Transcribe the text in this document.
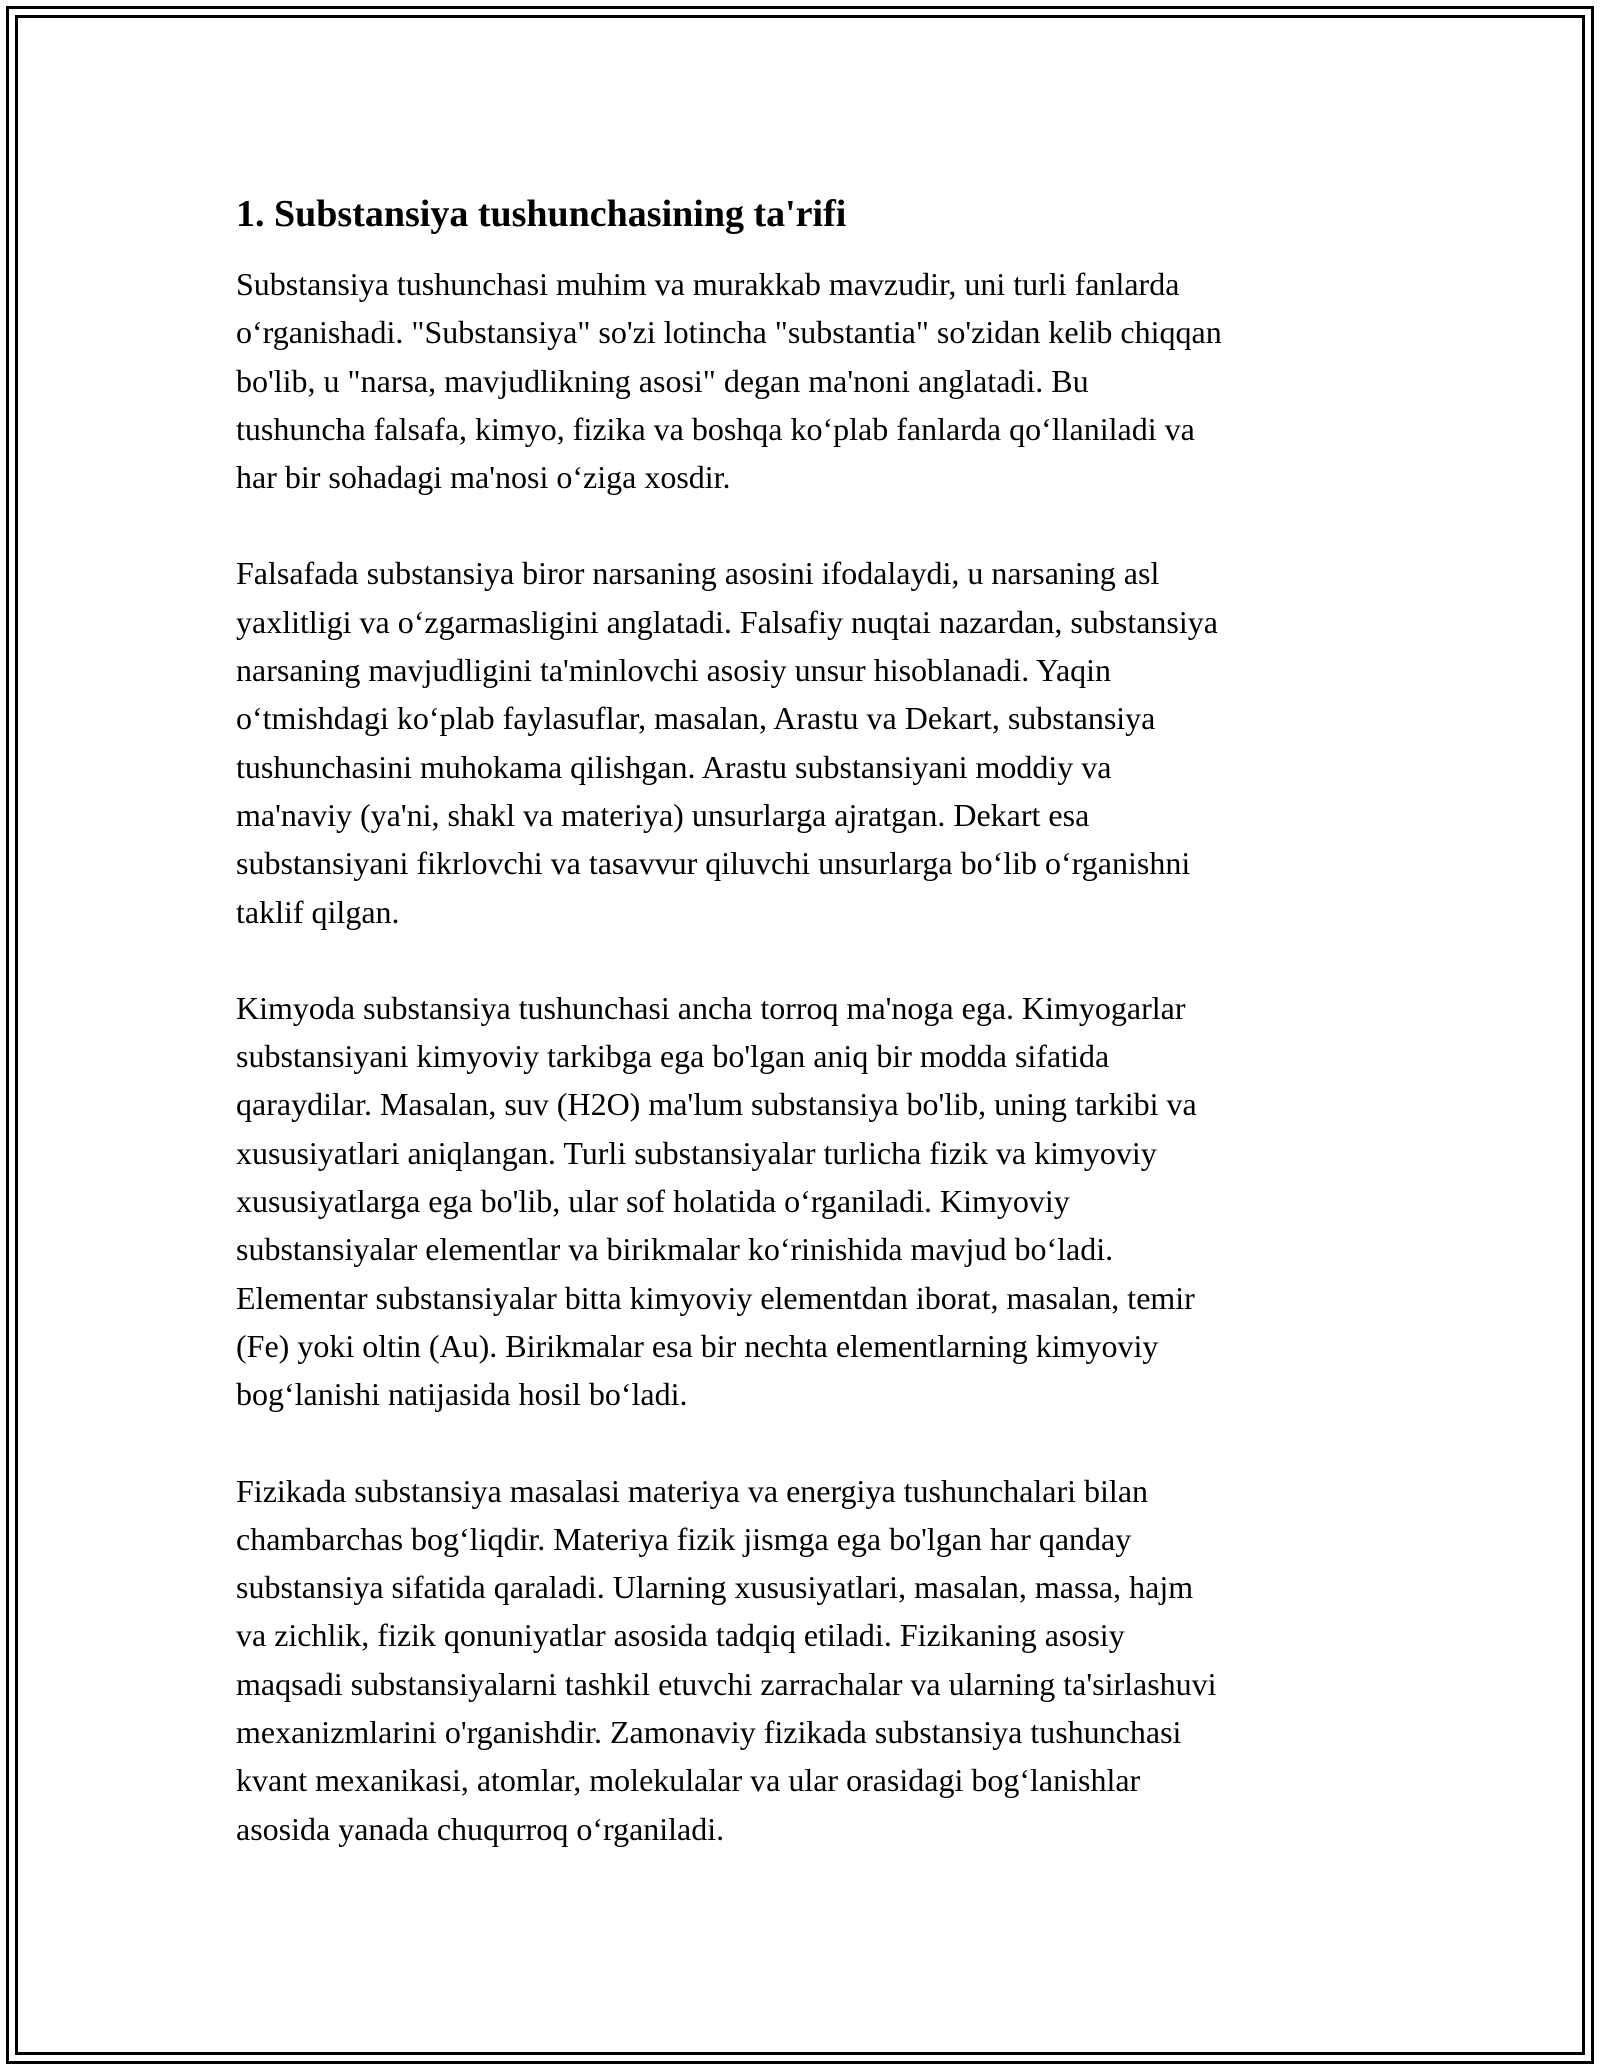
1. Substansiya tushunchasining ta'rifi

Substansiya tushunchasi muhim va murakkab mavzudir, uni turli fanlarda
o‘rganishadi. "Substansiya" so'zi lotincha "substantia" so'zidan kelib chiqqan
bo'lib, u "narsa, mavjudlikning asosi" degan ma'noni anglatadi. Bu
tushuncha falsafa, kimyo, fizika va boshqa ko‘plab fanlarda qo‘llaniladi va
har bir sohadagi ma'nosi o‘ziga xosdir.

Falsafada substansiya biror narsaning asosini ifodalaydi, u narsaning asl
yaxlitligi va o‘zgarmasligini anglatadi. Falsafiy nuqtai nazardan, substansiya
narsaning mavjudligini ta'minlovchi asosiy unsur hisoblanadi. Yaqin
o‘tmishdagi ko‘plab faylasuflar, masalan, Arastu va Dekart, substansiya
tushunchasini muhokama qilishgan. Arastu substansiyani moddiy va
ma'naviy (ya'ni, shakl va materiya) unsurlarga ajratgan. Dekart esa
substansiyani fikrlovchi va tasavvur qiluvchi unsurlarga bo‘lib o‘rganishni
taklif qilgan.

Kimyoda substansiya tushunchasi ancha torroq ma'noga ega. Kimyogarlar
substansiyani kimyoviy tarkibga ega bo'lgan aniq bir modda sifatida
qaraydilar. Masalan, suv (H2O) ma'lum substansiya bo'lib, uning tarkibi va
xususiyatlari aniqlangan. Turli substansiyalar turlicha fizik va kimyoviy
xususiyatlarga ega bo'lib, ular sof holatida o‘rganiladi. Kimyoviy
substansiyalar elementlar va birikmalar ko‘rinishida mavjud bo‘ladi.
Elementar substansiyalar bitta kimyoviy elementdan iborat, masalan, temir
(Fe) yoki oltin (Au). Birikmalar esa bir nechta elementlarning kimyoviy
bog‘lanishi natijasida hosil bo‘ladi.

Fizikada substansiya masalasi materiya va energiya tushunchalari bilan
chambarchas bog‘liqdir. Materiya fizik jismga ega bo'lgan har qanday
substansiya sifatida qaraladi. Ularning xususiyatlari, masalan, massa, hajm
va zichlik, fizik qonuniyatlar asosida tadqiq etiladi. Fizikaning asosiy
maqsadi substansiyalarni tashkil etuvchi zarrachalar va ularning ta'sirlashuvi
mexanizmlarini o'rganishdir. Zamonaviy fizikada substansiya tushunchasi
kvant mexanikasi, atomlar, molekulalar va ular orasidagi bog‘lanishlar
asosida yanada chuqurroq o‘rganiladi.
